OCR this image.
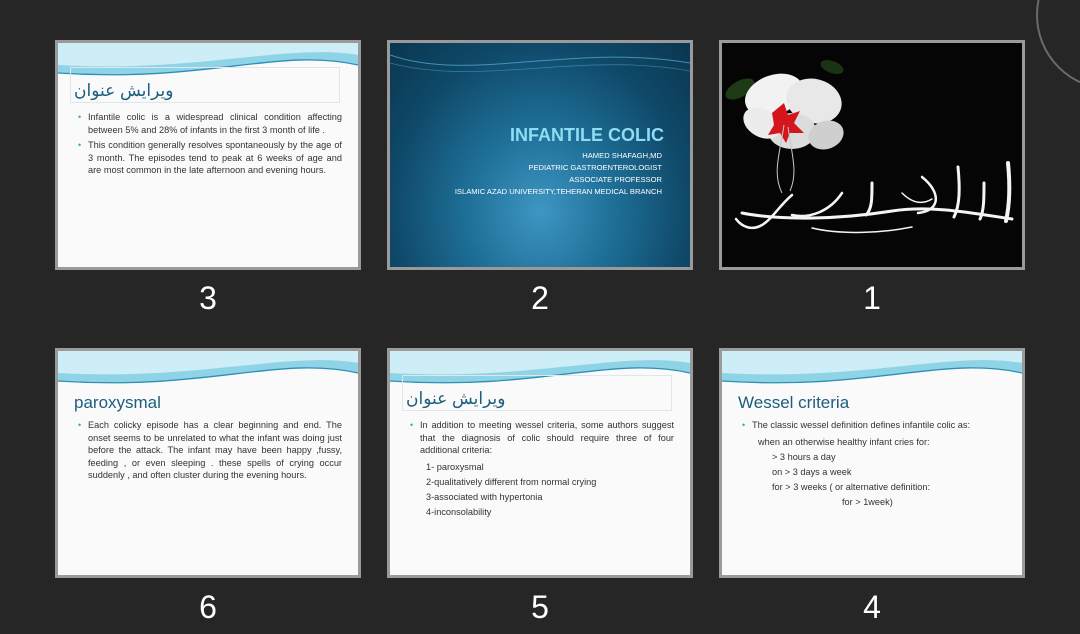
ویرایش عنوان
• Infantile colic is a widespread clinical condition affecting between 5% and 28% of infants in the first 3 month of life .
• This condition generally resolves spontaneously by the age of 3 month. The episodes tend to peak at 6 weeks of age and are most common in the late afternoon and evening hours.
3
INFANTILE COLIC
HAMED SHAFAGH,MD
PEDIATRIC GASTROENTEROLOGIST
ASSOCIATE PROFESSOR
ISLAMIC AZAD UNIVERSITY,TEHERAN MEDICAL BRANCH
2	1
paroxysmal
• Each colicky episode has a clear beginning and end. The onset seems to be unrelated to what the infant was doing just before the attack. The infant may have been happy ,fussy, feeding , or even sleeping . these spells of crying occur suddenly , and often cluster during the evening hours.
6
ویرایش عنوان
• In addition to meeting wessel criteria, some authors suggest that the diagnosis of colic should require three of four additional criteria:
1- paroxysmal
2-qualitatively different from normal crying
3-associated with hypertonia
4-inconsolability
5
Wessel criteria
• The classic wessel definition defines infantile colic as:
when an otherwise healthy infant cries for:
> 3 hours a day
on > 3 days a week
for > 3 weeks ( or alternative definition:
for > 1week)
4
